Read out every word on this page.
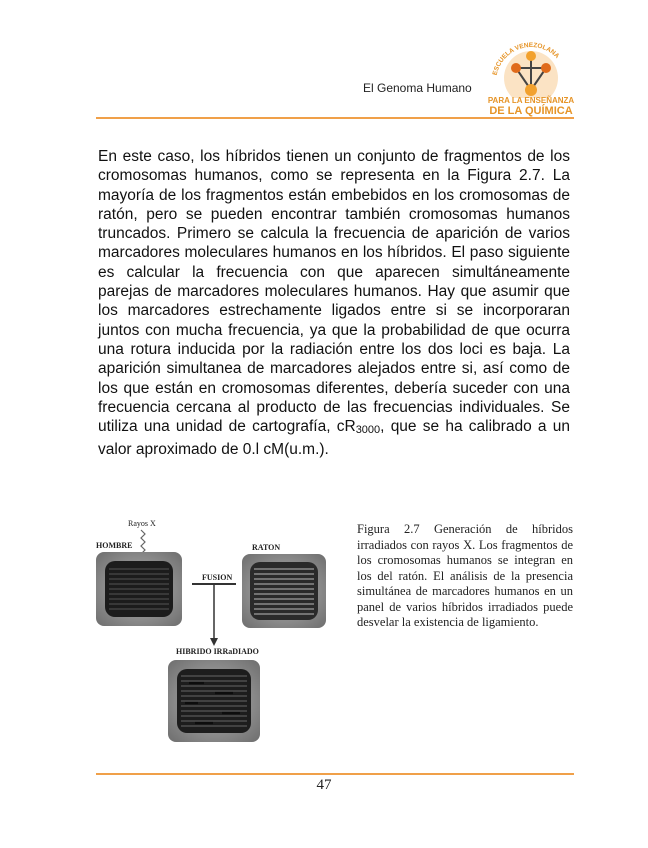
El Genoma Humano
ESCUELA VENEZOLANA
PARA LA ENSEÑANZA
DE LA QUÍMICA
En este caso, los híbridos tienen un conjunto de fragmentos de los cromosomas humanos, como se representa en la Figura 2.7. La mayoría de los fragmentos están embebidos en los cromosomas de ratón, pero se pueden encontrar también cromosomas humanos truncados. Primero se calcula la frecuencia de aparición de varios marcadores moleculares humanos en los híbridos. El paso siguiente es calcular la frecuencia con que aparecen simultáneamente parejas de marcadores moleculares humanos. Hay que asumir que los marcadores estrechamente ligados entre si se incorporaran juntos con mucha frecuencia, ya que la probabilidad de que ocurra una rotura inducida por la radiación entre los dos loci es baja. La aparición simultanea de marcadores alejados entre si, así como de los que están en cromosomas diferentes, debería suceder con una frecuencia cercana al producto de las frecuencias individuales. Se utiliza una unidad de cartografía, $cR_{3000}$, que se ha calibrado a un valor aproximado de 0.l cM(u.m.).
Rayos X
HOMBRE	RATON
FUSION
HIBRIDO IRRaDIADO
Figura 2.7 Generación de híbridos irradiados con rayos X. Los fragmentos de los cromosomas humanos se integran en los del ratón. El análisis de la presencia simultánea de marcadores humanos en un panel de varios híbridos irradiados puede desvelar la existencia de ligamiento.
47
